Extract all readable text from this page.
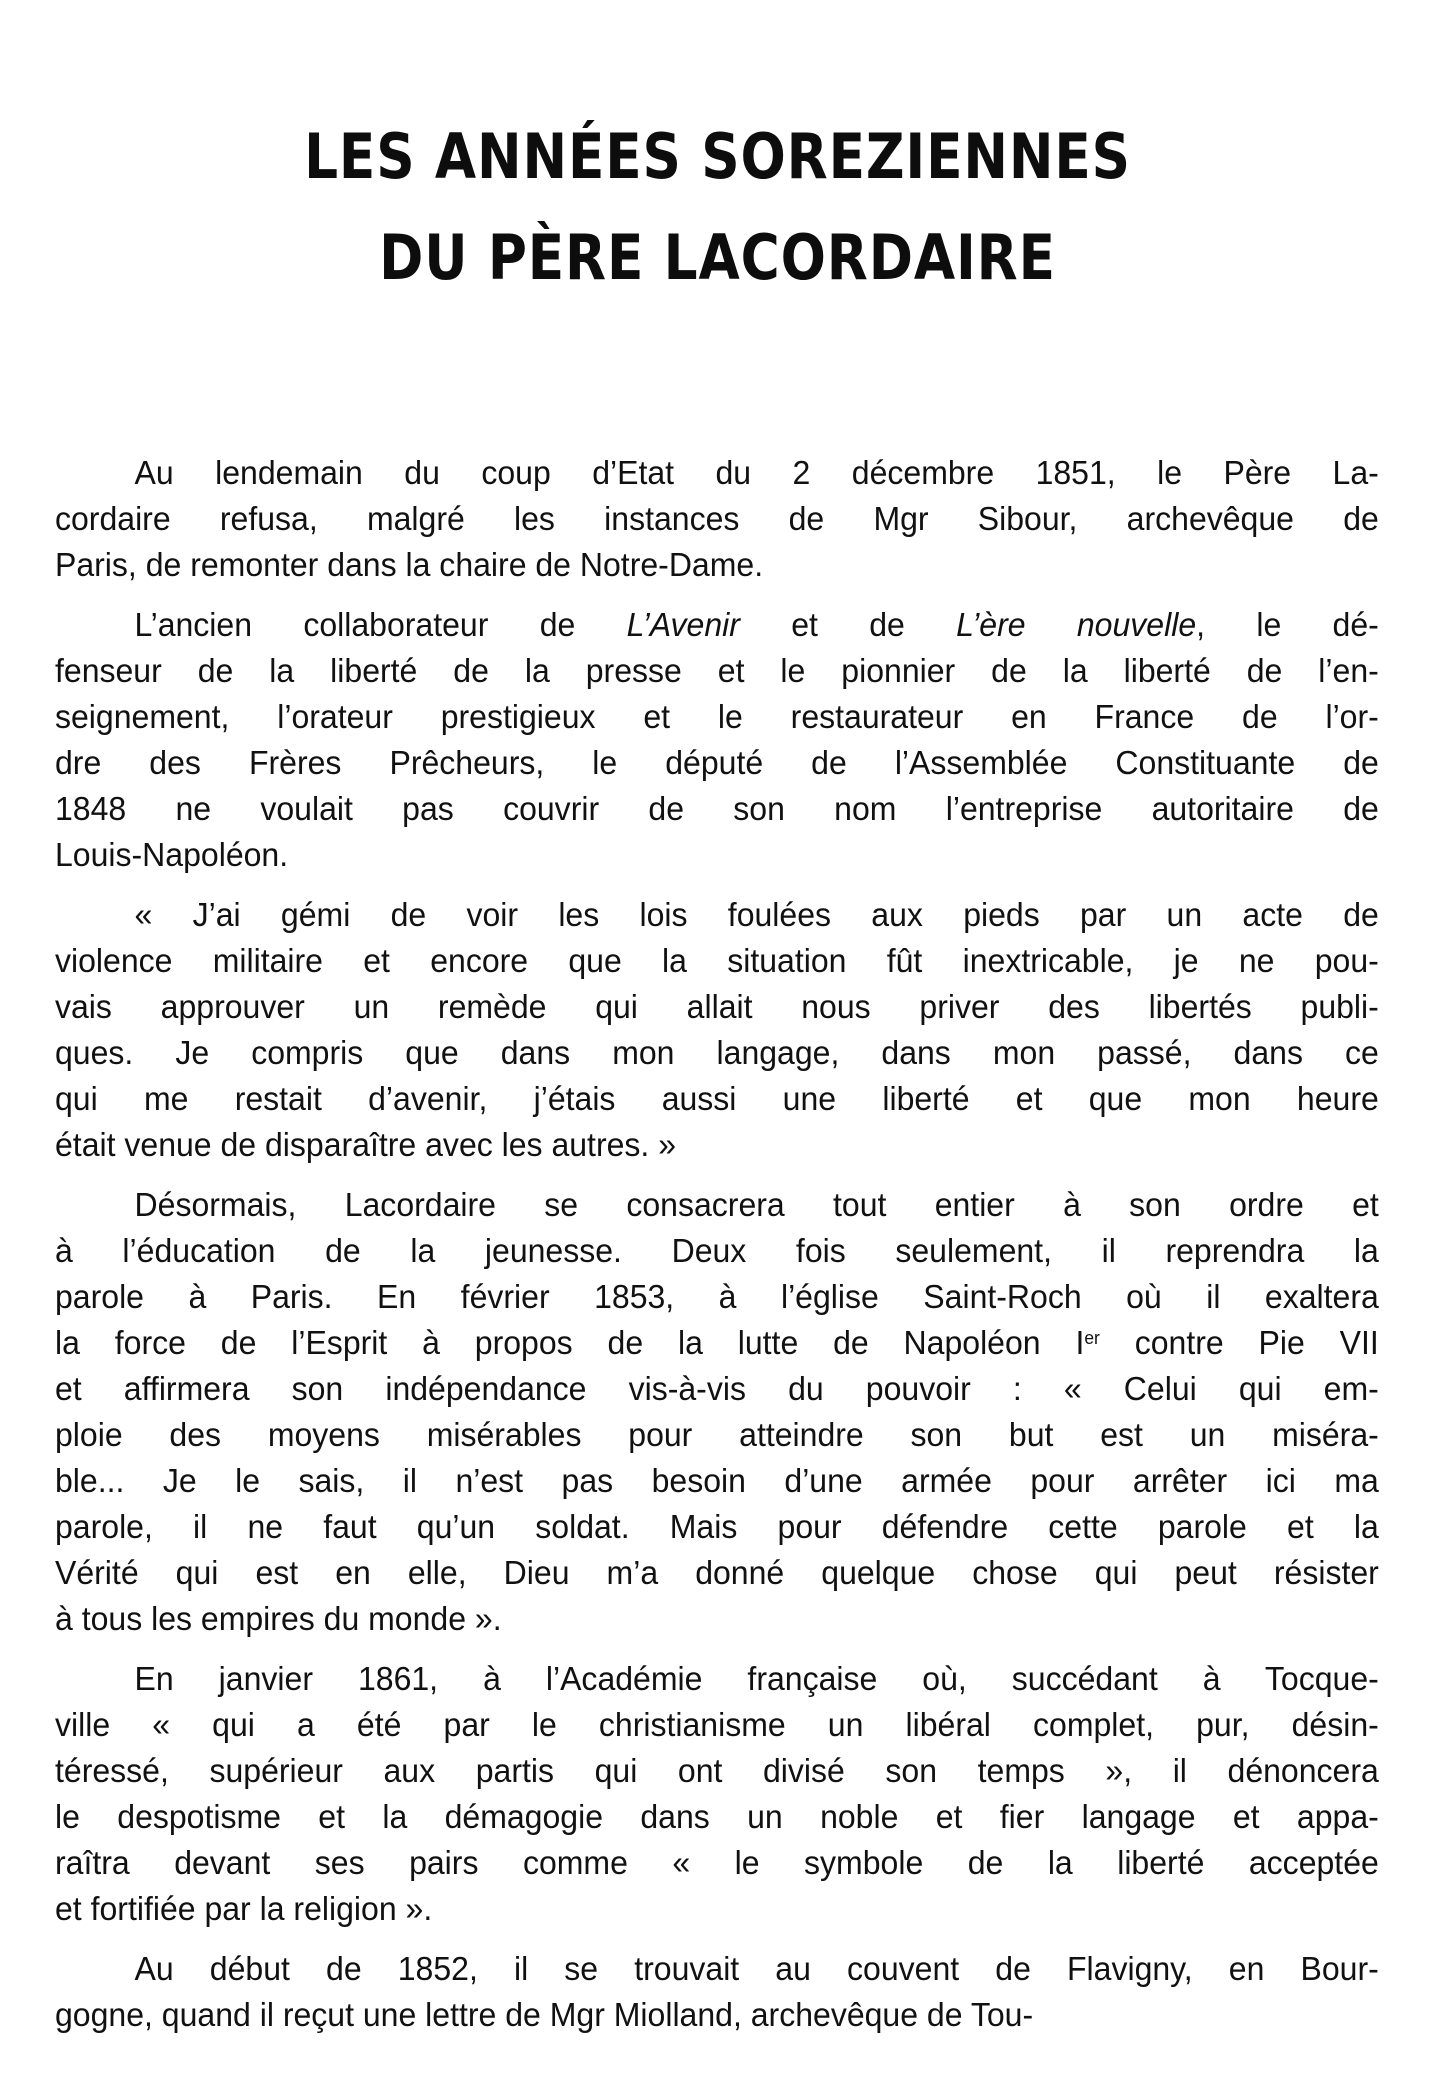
LES ANNÉES SOREZIENNES
DU PÈRE LACORDAIRE
Au lendemain du coup d’Etat du 2 décembre 1851, le Père La-
cordaire refusa, malgré les instances de Mgr Sibour, archevêque de
Paris, de remonter dans la chaire de Notre-Dame.
L’ancien collaborateur de L’Avenir et de L’ère nouvelle, le dé-
fenseur de la liberté de la presse et le pionnier de la liberté de l’en-
seignement, l’orateur prestigieux et le restaurateur en France de l’or-
dre des Frères Prêcheurs, le député de l’Assemblée Constituante de
1848 ne voulait pas couvrir de son nom l’entreprise autoritaire de
Louis-Napoléon.
« J’ai gémi de voir les lois foulées aux pieds par un acte de
violence militaire et encore que la situation fût inextricable, je ne pou-
vais approuver un remède qui allait nous priver des libertés publi-
ques. Je compris que dans mon langage, dans mon passé, dans ce
qui me restait d’avenir, j’étais aussi une liberté et que mon heure
était venue de disparaître avec les autres. »
Désormais, Lacordaire se consacrera tout entier à son ordre et
à l’éducation de la jeunesse. Deux fois seulement, il reprendra la
parole à Paris. En février 1853, à l’église Saint-Roch où il exaltera
la force de l’Esprit à propos de la lutte de Napoléon Ier contre Pie VII
et affirmera son indépendance vis-à-vis du pouvoir : « Celui qui em-
ploie des moyens misérables pour atteindre son but est un miséra-
ble... Je le sais, il n’est pas besoin d’une armée pour arrêter ici ma
parole, il ne faut qu’un soldat. Mais pour défendre cette parole et la
Vérité qui est en elle, Dieu m’a donné quelque chose qui peut résister
à tous les empires du monde ».
En janvier 1861, à l’Académie française où, succédant à Tocque-
ville « qui a été par le christianisme un libéral complet, pur, désin-
téressé, supérieur aux partis qui ont divisé son temps », il dénoncera
le despotisme et la démagogie dans un noble et fier langage et appa-
raîtra devant ses pairs comme « le symbole de la liberté acceptée
et fortifiée par la religion ».
Au début de 1852, il se trouvait au couvent de Flavigny, en Bour-
gogne, quand il reçut une lettre de Mgr Miolland, archevêque de Tou-
